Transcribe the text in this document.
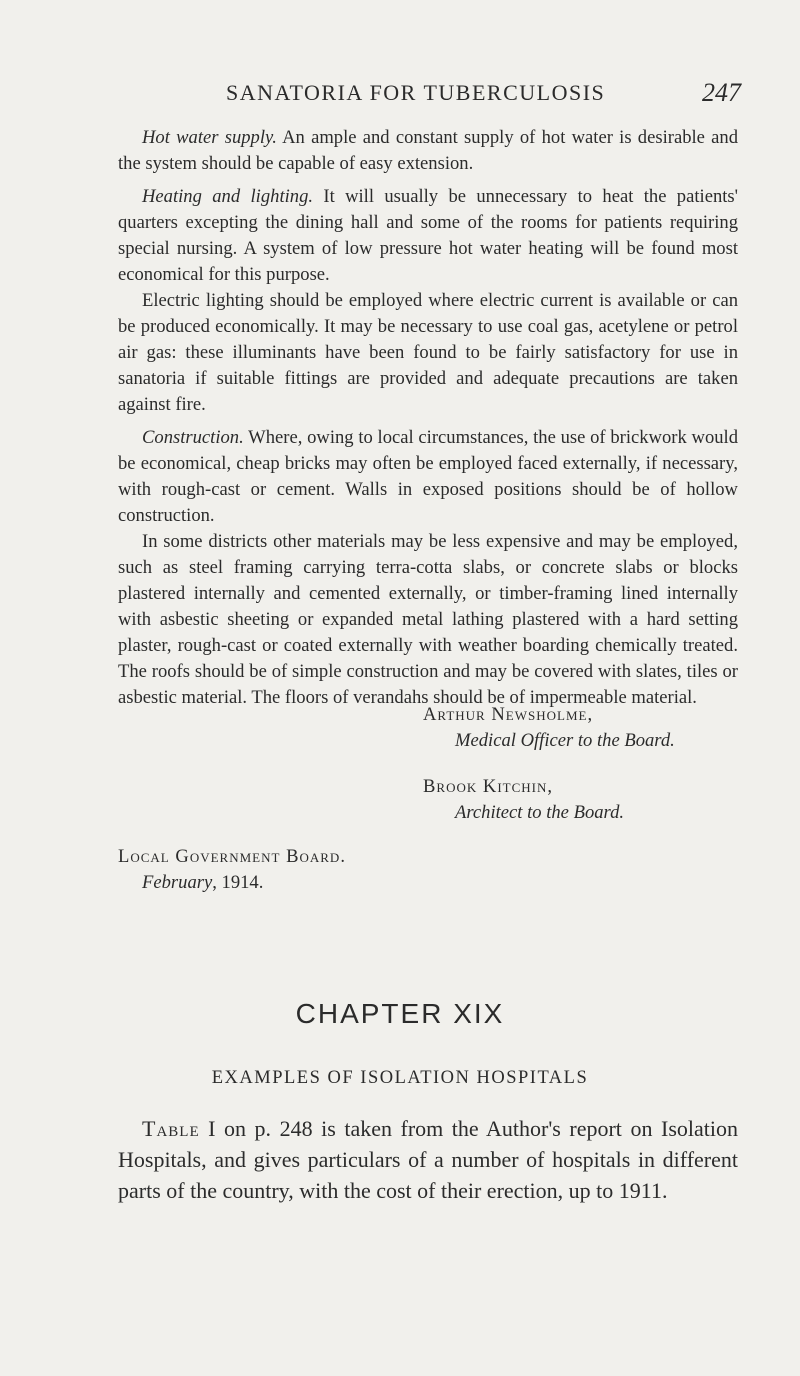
SANATORIA FOR TUBERCULOSIS	247

Hot water supply. An ample and constant supply of hot water is desirable and the system should be capable of easy extension.

Heating and lighting. It will usually be unnecessary to heat the patients' quarters excepting the dining hall and some of the rooms for patients requiring special nursing. A system of low pressure hot water heating will be found most economical for this purpose.

Electric lighting should be employed where electric current is available or can be produced economically. It may be necessary to use coal gas, acetylene or petrol air gas: these illuminants have been found to be fairly satisfactory for use in sanatoria if suitable fittings are provided and adequate precautions are taken against fire.

Construction. Where, owing to local circumstances, the use of brickwork would be economical, cheap bricks may often be employed faced externally, if necessary, with rough-cast or cement. Walls in exposed positions should be of hollow construction.

In some districts other materials may be less expensive and may be employed, such as steel framing carrying terra-cotta slabs, or concrete slabs or blocks plastered internally and cemented externally, or timber-framing lined internally with asbestic sheeting or expanded metal lathing plastered with a hard setting plaster, rough-cast or coated externally with weather boarding chemically treated. The roofs should be of simple construction and may be covered with slates, tiles or asbestic material. The floors of verandahs should be of impermeable material.

Arthur Newsholme,
Medical Officer to the Board.
Brook Kitchin,
Architect to the Board.
Local Government Board.
February, 1914.
CHAPTER XIX
EXAMPLES OF ISOLATION HOSPITALS

Table I on p. 248 is taken from the Author's report on Isolation Hospitals, and gives particulars of a number of hospitals in different parts of the country, with the cost of their erection, up to 1911.
